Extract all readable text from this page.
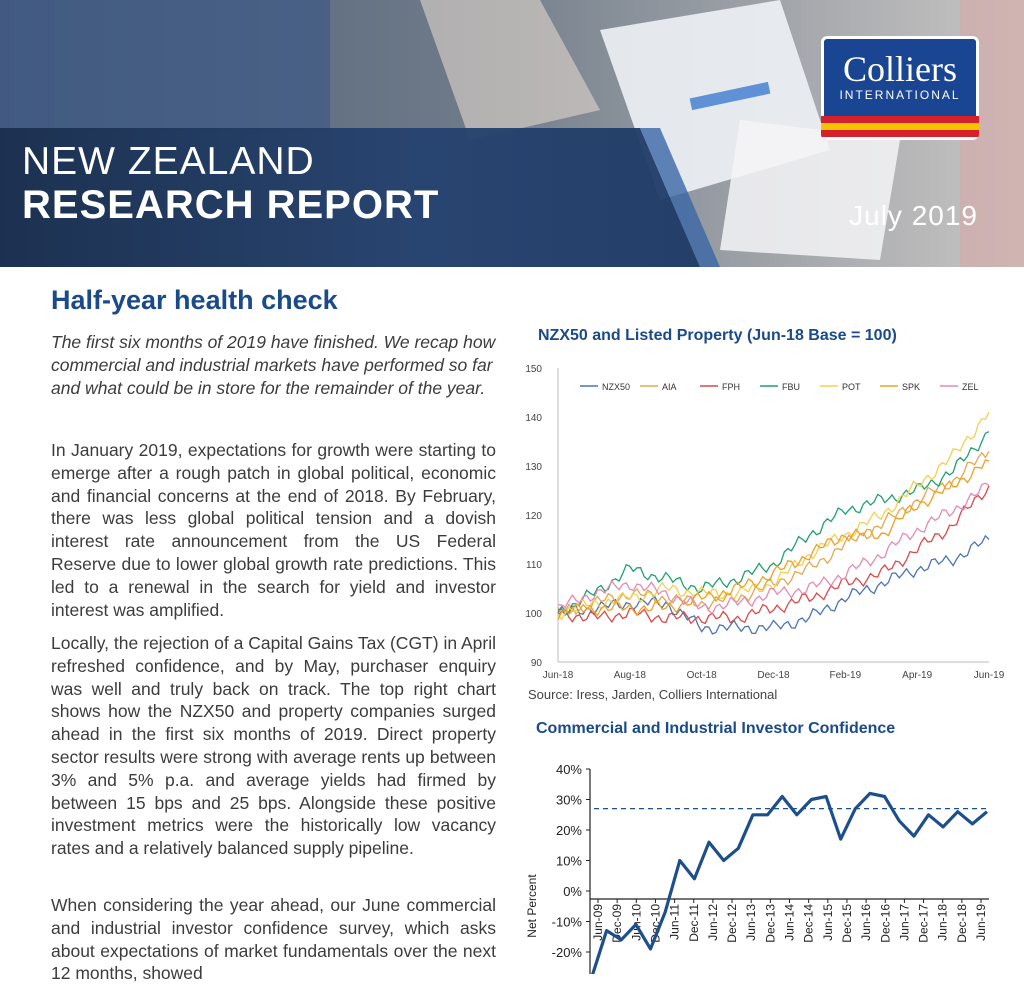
NEW ZEALAND
RESEARCH REPORT	July 2019
Colliers
INTERNATIONAL
Half-year health check
The first six months of 2019 have finished. We recap how commercial and industrial markets have performed so far and what could be in store for the remainder of the year.
In January 2019, expectations for growth were starting to emerge after a rough patch in global political, economic and financial concerns at the end of 2018. By February, there was less global political tension and a dovish interest rate announcement from the US Federal Reserve due to lower global growth rate predictions. This led to a renewal in the search for yield and investor interest was amplified.
Locally, the rejection of a Capital Gains Tax (CGT) in April refreshed confidence, and by May, purchaser enquiry was well and truly back on track. The top right chart shows how the NZX50 and property companies surged ahead in the first six months of 2019. Direct property sector results were strong with average rents up between 3% and 5% p.a. and average yields had firmed by between 15 bps and 25 bps. Alongside these positive investment metrics were the historically low vacancy rates and a relatively balanced supply pipeline.
When considering the year ahead, our June commercial and industrial investor confidence survey, which asks about expectations of market fundamentals over the next 12 months, showed
NZX50 and Listed Property (Jun-18 Base = 100)
90
100
110
120
130
140
150
Jun-18	Aug-18	Oct-18	Dec-18	Feb-19	Apr-19	Jun-19
NZX50	AIA	FPH	FBU	POT	SPK	ZEL
Source: Iress, Jarden, Colliers International
Commercial and Industrial Investor Confidence
40%
30%
20%
10%
0%
-10%
-20%
Jun-09 Dec-09 Jun-10 Dec-10 Jun-11 Dec-11 Jun-12 Dec-12 Jun-13 Dec-13 Jun-14 Dec-14 Jun-15 Dec-15 Jun-16 Dec-16 Jun-17 Dec-17 Jun-18 Dec-18 Jun-19
Net Percent
